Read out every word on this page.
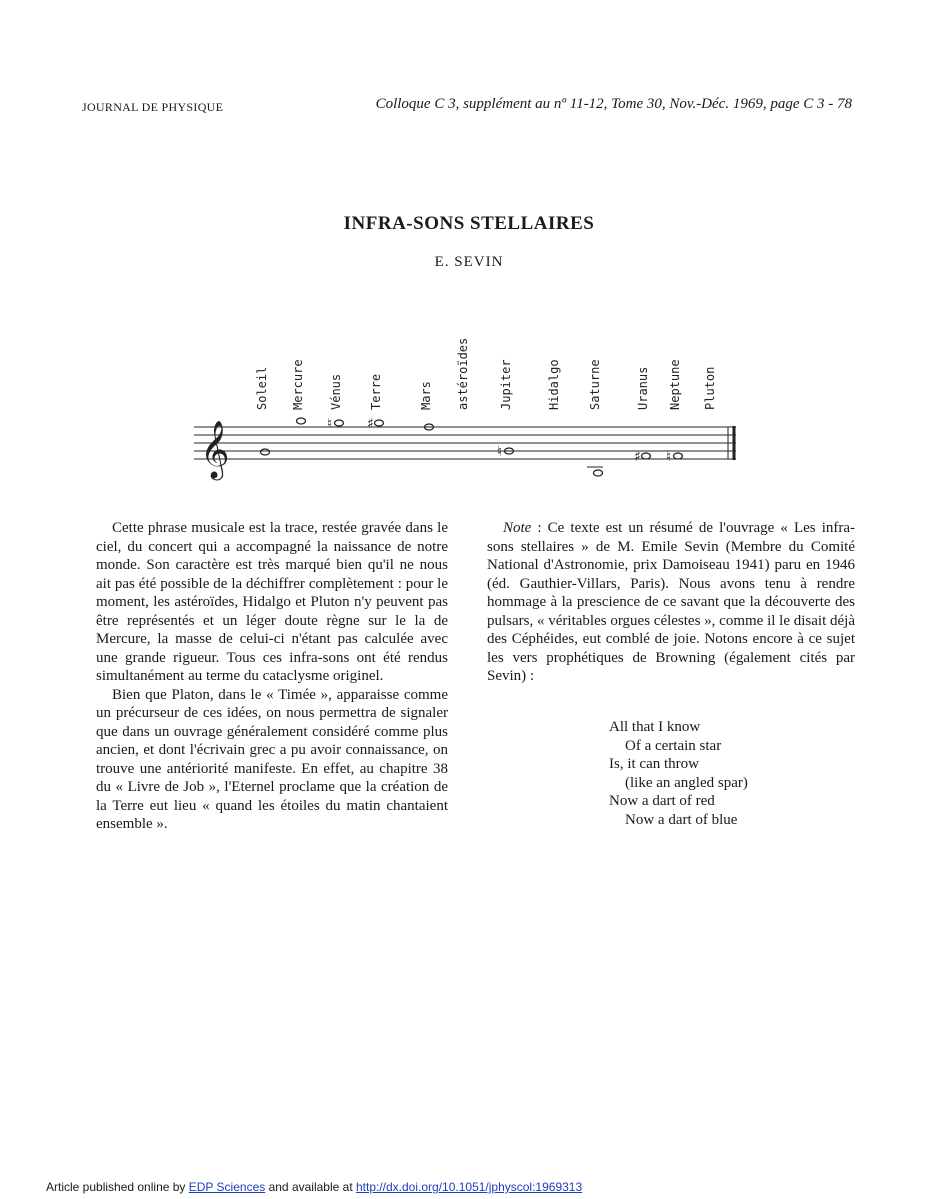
JOURNAL DE PHYSIQUE	Colloque C 3, supplément au nº 11-12, Tome 30, Nov.-Déc. 1969, page C 3 - 78
INFRA-SONS STELLAIRES
E. SEVIN
𝄞
Soleil Mercure Vénus Terre	Mars astéroïdes Jupiter	Hidalgo Saturne	Uranus Neptune Pluton
♮ ♯
♮	♯ ♮

Cette phrase musicale est la trace, restée gravée dans le ciel, du concert qui a accompagné la naissance de notre monde. Son caractère est très marqué bien qu'il ne nous ait pas été possible de la déchiffrer complètement : pour le moment, les astéroïdes, Hidalgo et Pluton n'y peuvent pas être représentés et un léger doute règne sur le la de Mercure, la masse de celui-ci n'étant pas calculée avec une grande rigueur. Tous ces infra-sons ont été rendus simultanément au terme du cataclysme originel.

Bien que Platon, dans le « Timée », apparaisse comme un précurseur de ces idées, on nous permettra de signaler que dans un ouvrage généralement considéré comme plus ancien, et dont l'écrivain grec a pu avoir connaissance, on trouve une antériorité manifeste. En effet, au chapitre 38 du « Livre de Job », l'Eternel proclame que la création de la Terre eut lieu « quand les étoiles du matin chantaient ensemble ».

Note : Ce texte est un résumé de l'ouvrage « Les infra-sons stellaires » de M. Emile Sevin (Membre du Comité National d'Astronomie, prix Damoiseau 1941) paru en 1946 (éd. Gauthier-Villars, Paris). Nous avons tenu à rendre hommage à la prescience de ce savant que la découverte des pulsars, « véritables orgues célestes », comme il le disait déjà des Céphéides, eut comblé de joie. Notons encore à ce sujet les vers prophétiques de Browning (également cités par Sevin) :

All that I know
Of a certain star
Is, it can throw
(like an angled spar)
Now a dart of red
Now a dart of blue
Article published online by EDP Sciences and available at http://dx.doi.org/10.1051/jphyscol:1969313
